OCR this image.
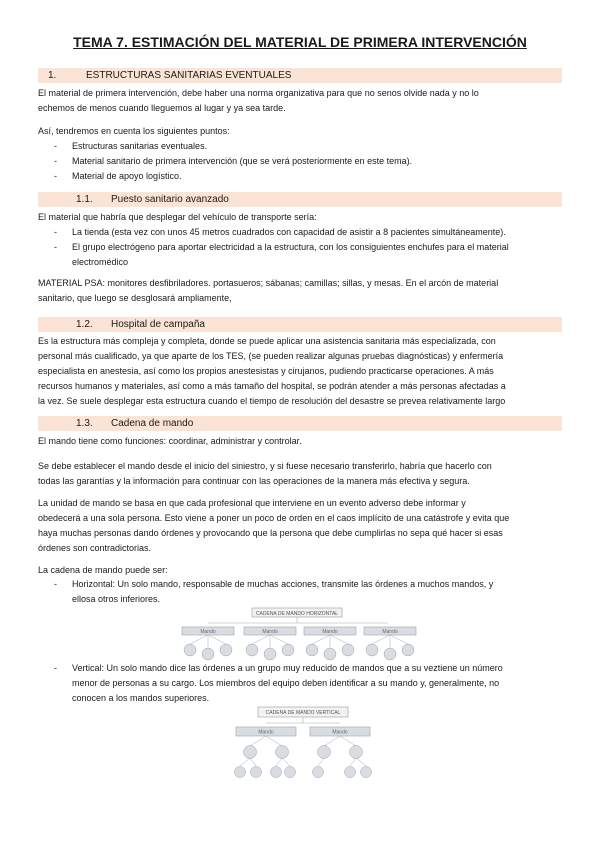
TEMA 7. ESTIMACIÓN DEL MATERIAL DE PRIMERA INTERVENCIÓN
1.	ESTRUCTURAS SANITARIAS EVENTUALES
El material de primera intervención, debe haber una norma organizativa para que no senos olvide nada y no lo
echemos de menos cuando lleguemos al lugar y ya sea tarde.
Así, tendremos en cuenta los siguientes puntos:
- Estructuras sanitarias eventuales.
- Material sanitario de primera intervención (que se verá posteriormente en este tema).
- Material de apoyo logístico.
1.1. Puesto sanitario avanzado
El material que habría que desplegar del vehículo de transporte sería:
- La tienda (esta vez con unos 45 metros cuadrados con capacidad de asistir a 8 pacientes simultáneamente).
- El grupo electrógeno para aportar electricidad a la estructura, con los consiguientes enchufes para el material
electromédico
MATERIAL PSA: monitores desfibriladores. portasueros; sábanas; camillas; sillas, y mesas. En el arcón de material
sanitario, que luego se desglosará ampliamente,
1.2. Hospital de campaña
Es la estructura más compleja y completa, donde se puede aplicar una asistencia sanitaria más especializada, con
personal más cualificado, ya que aparte de los TES, (se pueden realizar algunas pruebas diagnósticas) y enfermería
especialista en anestesia, así como los propios anestesistas y cirujanos, pudiendo practicarse operaciones. A más
recursos humanos y materiales, así como a más tamaño del hospital, se podrán atender a más personas afectadas a
la vez. Se suele desplegar esta estructura cuando el tiempo de resolución del desastre se prevea relativamente largo
1.3. Cadena de mando
El mando tiene como funciones: coordinar, administrar y controlar.
Se debe establecer el mando desde el inicio del siniestro, y si fuese necesario transferirlo, habría que hacerlo con
todas las garantías y la información para continuar con las operaciones de la manera más efectiva y segura.
La unidad de mando se basa en que cada profesional que interviene en un evento adverso debe informar y
obedecerá a una sola persona. Esto viene a poner un poco de orden en el caos implícito de una catástrofe y evita que
haya muchas personas dando órdenes y provocando que la persona que debe cumplirlas no sepa qué hacer si esas
órdenes son contradictorias.
La cadena de mando puede ser:
- Horizontal: Un solo mando, responsable de muchas acciones, transmite las órdenes a muchos mandos, y
ellosa otros inferiores.
CADENA DE MANDO HORIZONTAL
Mando	Mando	Mando	Mando
- Vertical: Un solo mando dice las órdenes a un grupo muy reducido de mandos que a su veztiene un número
menor de personas a su cargo. Los miembros del equipo deben identificar a su mando y, generalmente, no
conocen a los mandos superiores.
CADENA DE MANDO VERTICAL
Mando	Mando
